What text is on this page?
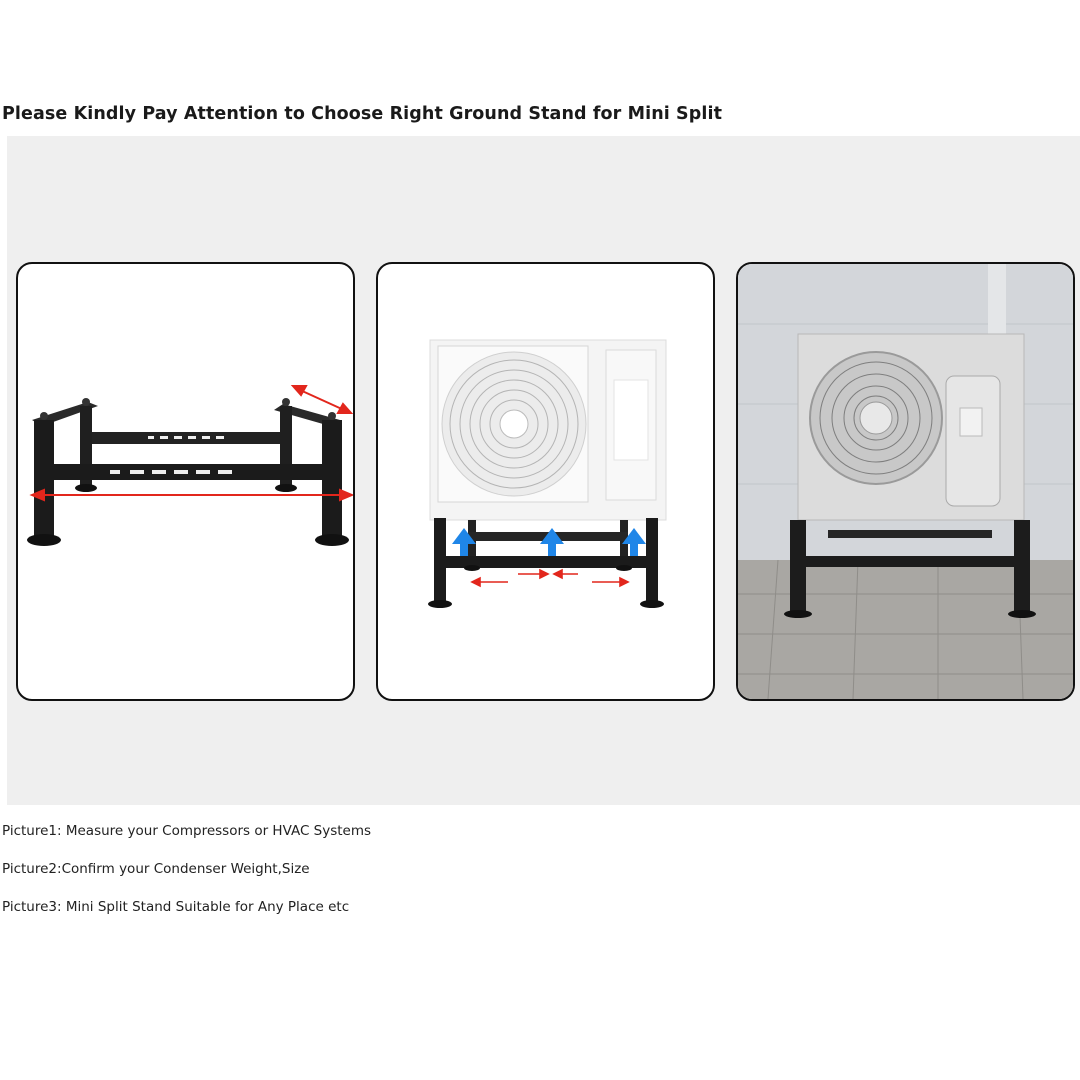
Please Kindly Pay Attention to Choose Right Ground Stand for Mini Split
Picture1: Measure your Compressors or HVAC Systems
Picture2:Confirm your Condenser Weight,Size
Picture3: Mini Split Stand Suitable for Any Place etc
